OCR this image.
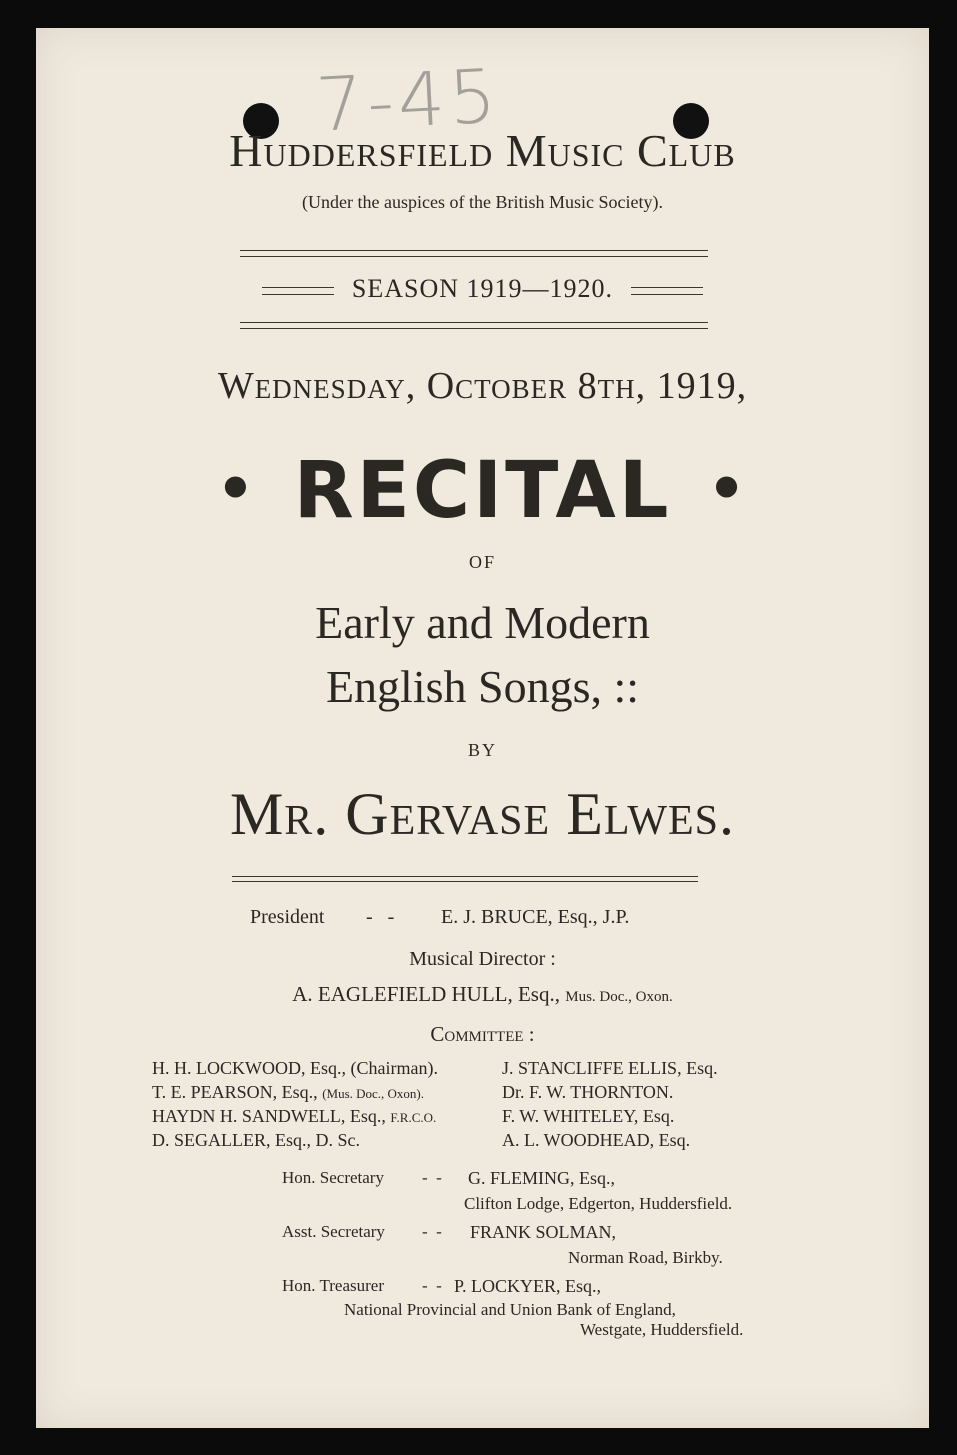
7-45
Huddersfield Music Club
(Under the auspices of the British Music Society).
SEASON 1919—1920.
Wednesday, October 8th, 1919,
• RECITAL •
OF
Early and Modern
English Songs, ::
BY
Mr. Gervase Elwes.
President -   - E. J. BRUCE, Esq., J.P.
Musical Director :
A. EAGLEFIELD HULL, Esq., Mus. Doc., Oxon.
Committee :
H. H. LOCKWOOD, Esq., (Chairman).
T. E. PEARSON, Esq., (Mus. Doc., Oxon).
HAYDN H. SANDWELL, Esq., F.R.C.O.
D. SEGALLER, Esq., D. Sc.
J. STANCLIFFE ELLIS, Esq.
Dr. F. W. THORNTON.
F. W. WHITELEY, Esq.
A. L. WOODHEAD, Esq.
Hon. Secretary -  - G. FLEMING, Esq.,
Clifton Lodge, Edgerton, Huddersfield.
Asst. Secretary -  - FRANK SOLMAN,
Norman Road, Birkby.
Hon. Treasurer -  - P. LOCKYER, Esq.,
National Provincial and Union Bank of England,
Westgate, Huddersfield.
